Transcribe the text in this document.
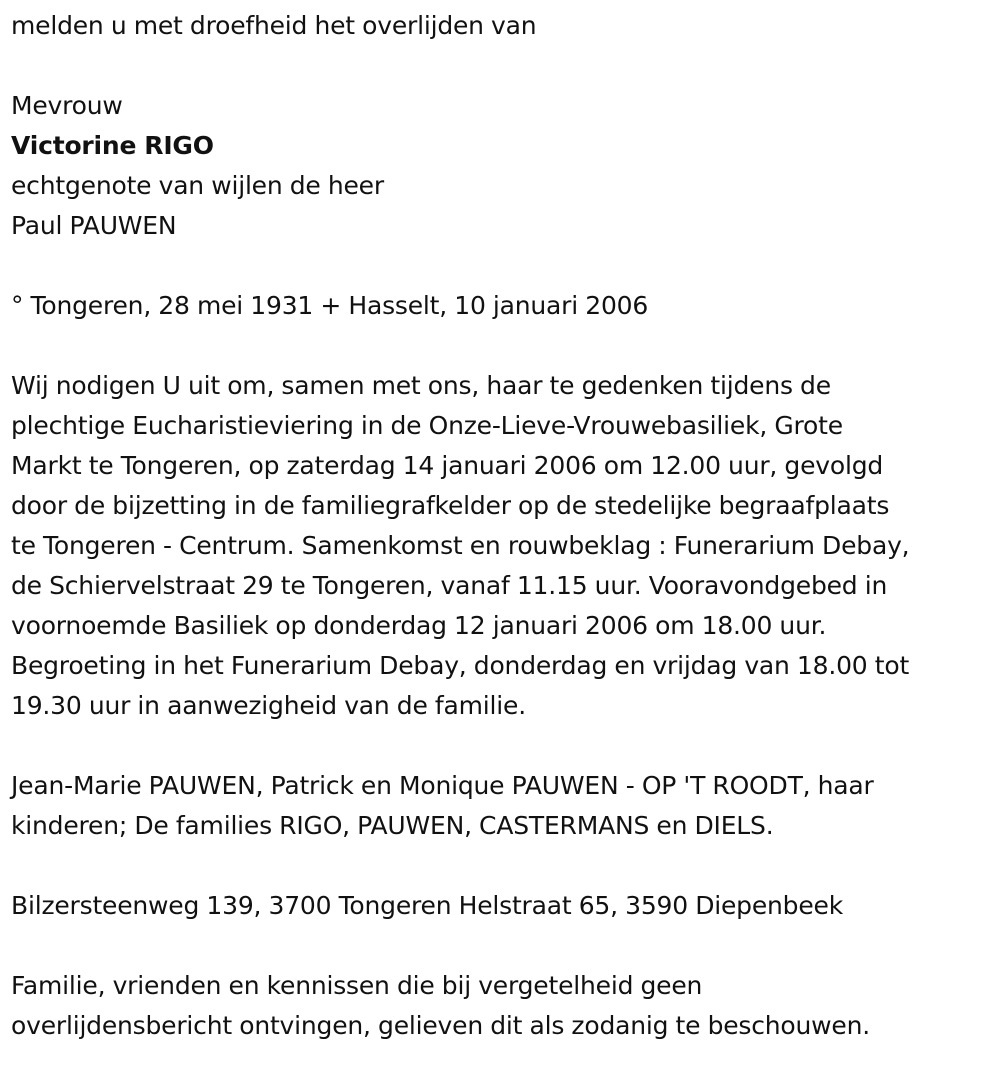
melden u met droefheid het overlijden van

Mevrouw

Victorine RIGO

echtgenote van wijlen de heer

Paul PAUWEN

° Tongeren, 28 mei 1931 + Hasselt, 10 januari 2006

Wij nodigen U uit om, samen met ons, haar te gedenken tijdens de

plechtige Eucharistieviering in de Onze-Lieve-Vrouwebasiliek, Grote

Markt te Tongeren, op zaterdag 14 januari 2006 om 12.00 uur, gevolgd

door de bijzetting in de familiegrafkelder op de stedelijke begraafplaats

te Tongeren - Centrum. Samenkomst en rouwbeklag : Funerarium Debay,

de Schiervelstraat 29 te Tongeren, vanaf 11.15 uur. Vooravondgebed in

voornoemde Basiliek op donderdag 12 januari 2006 om 18.00 uur.

Begroeting in het Funerarium Debay, donderdag en vrijdag van 18.00 tot

19.30 uur in aanwezigheid van de familie.

Jean-Marie PAUWEN, Patrick en Monique PAUWEN - OP 'T ROODT, haar

kinderen; De families RIGO, PAUWEN, CASTERMANS en DIELS.

Bilzersteenweg 139, 3700 Tongeren Helstraat 65, 3590 Diepenbeek

Familie, vrienden en kennissen die bij vergetelheid geen

overlijdensbericht ontvingen, gelieven dit als zodanig te beschouwen.
